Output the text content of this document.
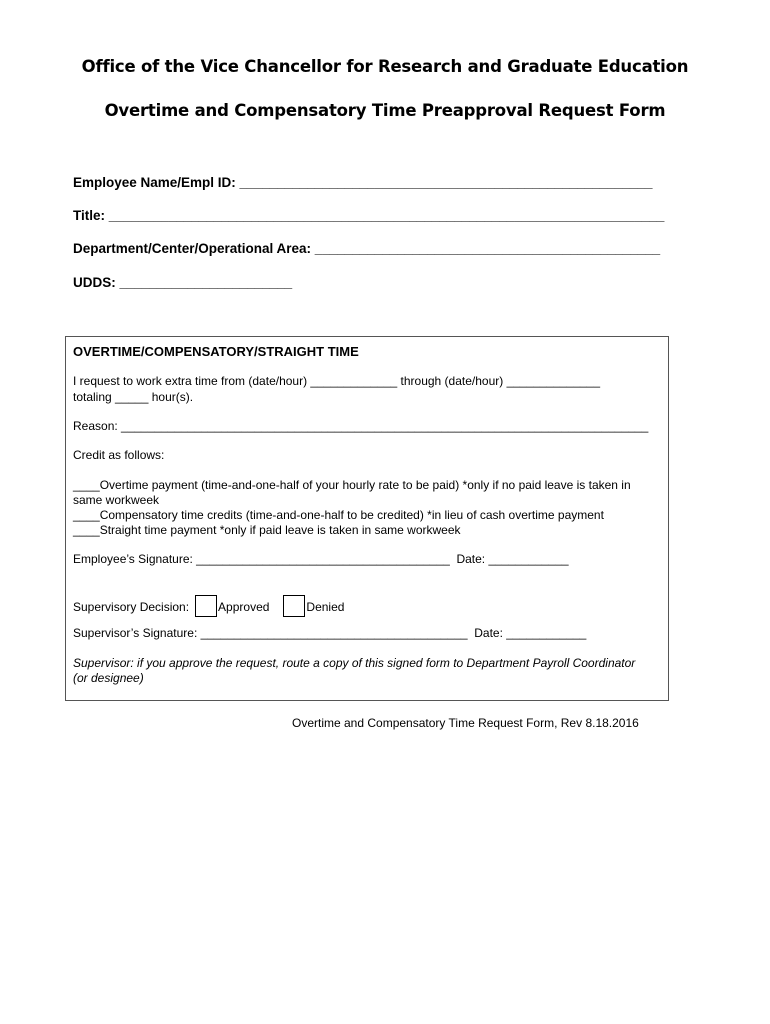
Office of the Vice Chancellor for Research and Graduate Education
Overtime and Compensatory Time Preapproval Request Form
Employee Name/Empl ID: _______________________________________________________
Title: __________________________________________________________________________
Department/Center/Operational Area: ______________________________________________
UDDS: _______________________
OVERTIME/COMPENSATORY/STRAIGHT TIME
I request to work extra time from (date/hour) _____________ through (date/hour) ______________
totaling _____ hour(s).
Reason: _______________________________________________________________________________
Credit as follows:
____Overtime payment (time-and-one-half of your hourly rate to be paid) *only if no paid leave is taken in
same workweek
____Compensatory time credits (time-and-one-half to be credited) *in lieu of cash overtime payment
____Straight time payment *only if paid leave is taken in same workweek
Employee’s Signature: ______________________________________  Date: ____________
Supervisory Decision: Approved	Denied
Supervisor’s Signature: ________________________________________  Date: ____________
Supervisor: if you approve the request, route a copy of this signed form to Department Payroll Coordinator
(or designee)
Overtime and Compensatory Time Request Form, Rev 8.18.2016
